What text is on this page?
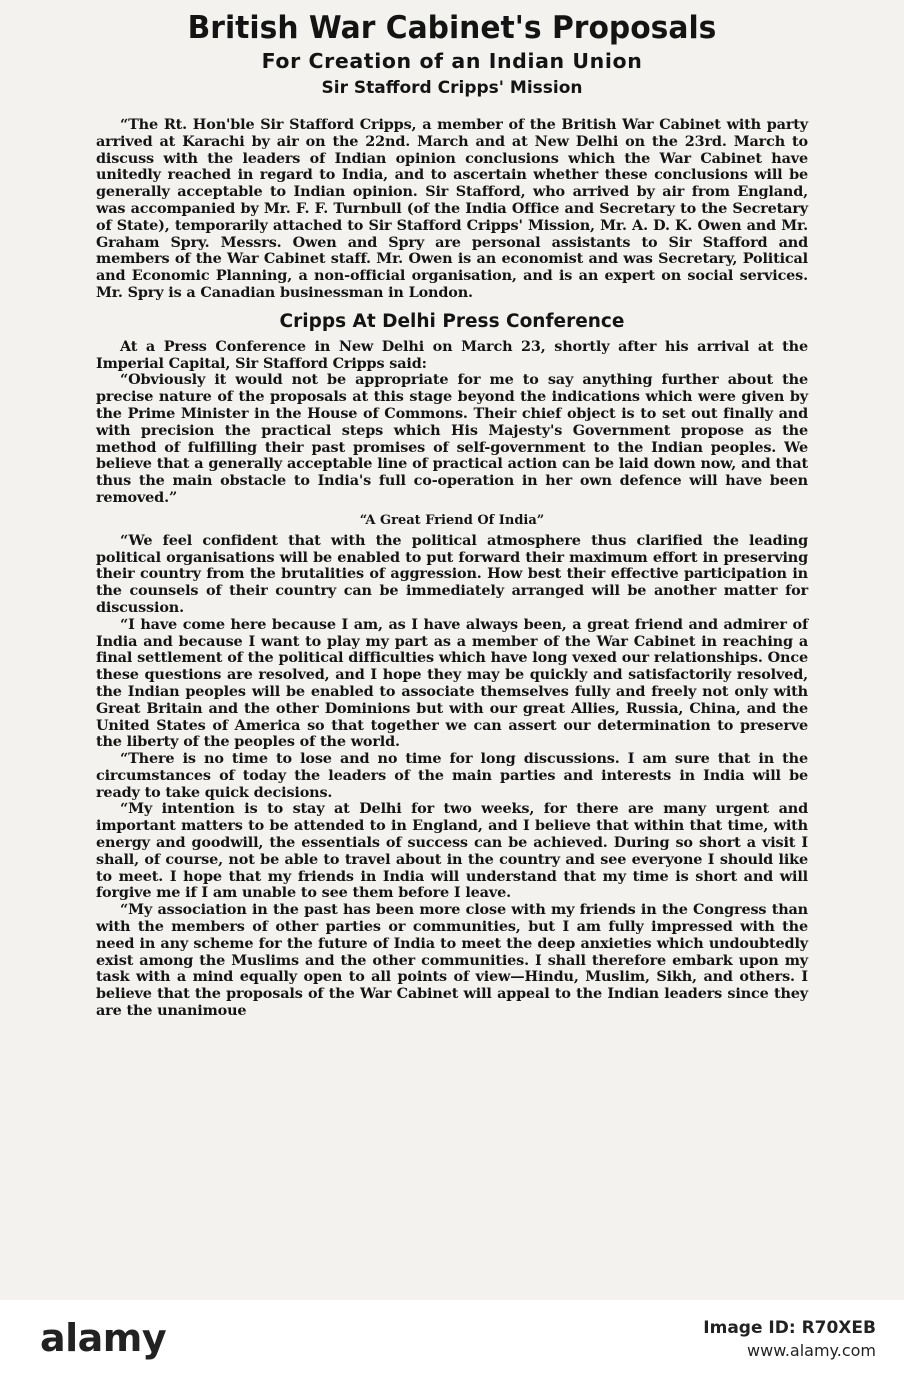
British War Cabinet's Proposals
For Creation of an Indian Union
Sir Stafford Cripps' Mission

“The Rt. Hon'ble Sir Stafford Cripps, a member of the British War Cabinet with party arrived at Karachi by air on the 22nd. March and at New Delhi on the 23rd. March to discuss with the leaders of Indian opinion conclusions which the War Cabinet have unitedly reached in regard to India, and to ascertain whether these conclusions will be generally acceptable to Indian opinion. Sir Stafford, who arrived by air from England, was accompanied by Mr. F. F. Turnbull (of the India Office and Secretary to the Secretary of State), temporarily attached to Sir Stafford Cripps' Mission, Mr. A. D. K. Owen and Mr. Graham Spry. Messrs. Owen and Spry are personal assistants to Sir Stafford and members of the War Cabinet staff. Mr. Owen is an economist and was Secretary, Political and Economic Planning, a non-official organisation, and is an expert on social services. Mr. Spry is a Canadian businessman in London.

Cripps At Delhi Press Conference

At a Press Conference in New Delhi on March 23, shortly after his arrival at the Imperial Capital, Sir Stafford Cripps said:

“Obviously it would not be appropriate for me to say anything further about the precise nature of the proposals at this stage beyond the indications which were given by the Prime Minister in the House of Commons. Their chief object is to set out finally and with precision the practical steps which His Majesty's Government propose as the method of fulfilling their past promises of self-government to the Indian peoples. We believe that a generally acceptable line of practical action can be laid down now, and that thus the main obstacle to India's full co-operation in her own defence will have been removed.”

“A Great Friend Of India”

“We feel confident that with the political atmosphere thus clarified the leading political organisations will be enabled to put forward their maximum effort in preserving their country from the brutalities of aggression. How best their effective participation in the counsels of their country can be immediately arranged will be another matter for discussion.

“I have come here because I am, as I have always been, a great friend and admirer of India and because I want to play my part as a member of the War Cabinet in reaching a final settlement of the political difficulties which have long vexed our relationships. Once these questions are resolved, and I hope they may be quickly and satisfactorily resolved, the Indian peoples will be enabled to associate themselves fully and freely not only with Great Britain and the other Dominions but with our great Allies, Russia, China, and the United States of America so that together we can assert our determination to preserve the liberty of the peoples of the world.

“There is no time to lose and no time for long discussions. I am sure that in the circumstances of today the leaders of the main parties and interests in India will be ready to take quick decisions.

“My intention is to stay at Delhi for two weeks, for there are many urgent and important matters to be attended to in England, and I believe that within that time, with energy and goodwill, the essentials of success can be achieved. During so short a visit I shall, of course, not be able to travel about in the country and see everyone I should like to meet. I hope that my friends in India will understand that my time is short and will forgive me if I am unable to see them before I leave.

“My association in the past has been more close with my friends in the Congress than with the members of other parties or communities, but I am fully impressed with the need in any scheme for the future of India to meet the deep anxieties which undoubtedly exist among the Muslims and the other communities. I shall therefore embark upon my task with a mind equally open to all points of view—Hindu, Muslim, Sikh, and others. I believe that the proposals of the War Cabinet will appeal to the Indian leaders since they are the unanimoue

alamy	Image ID: R70XEB
www.alamy.com
